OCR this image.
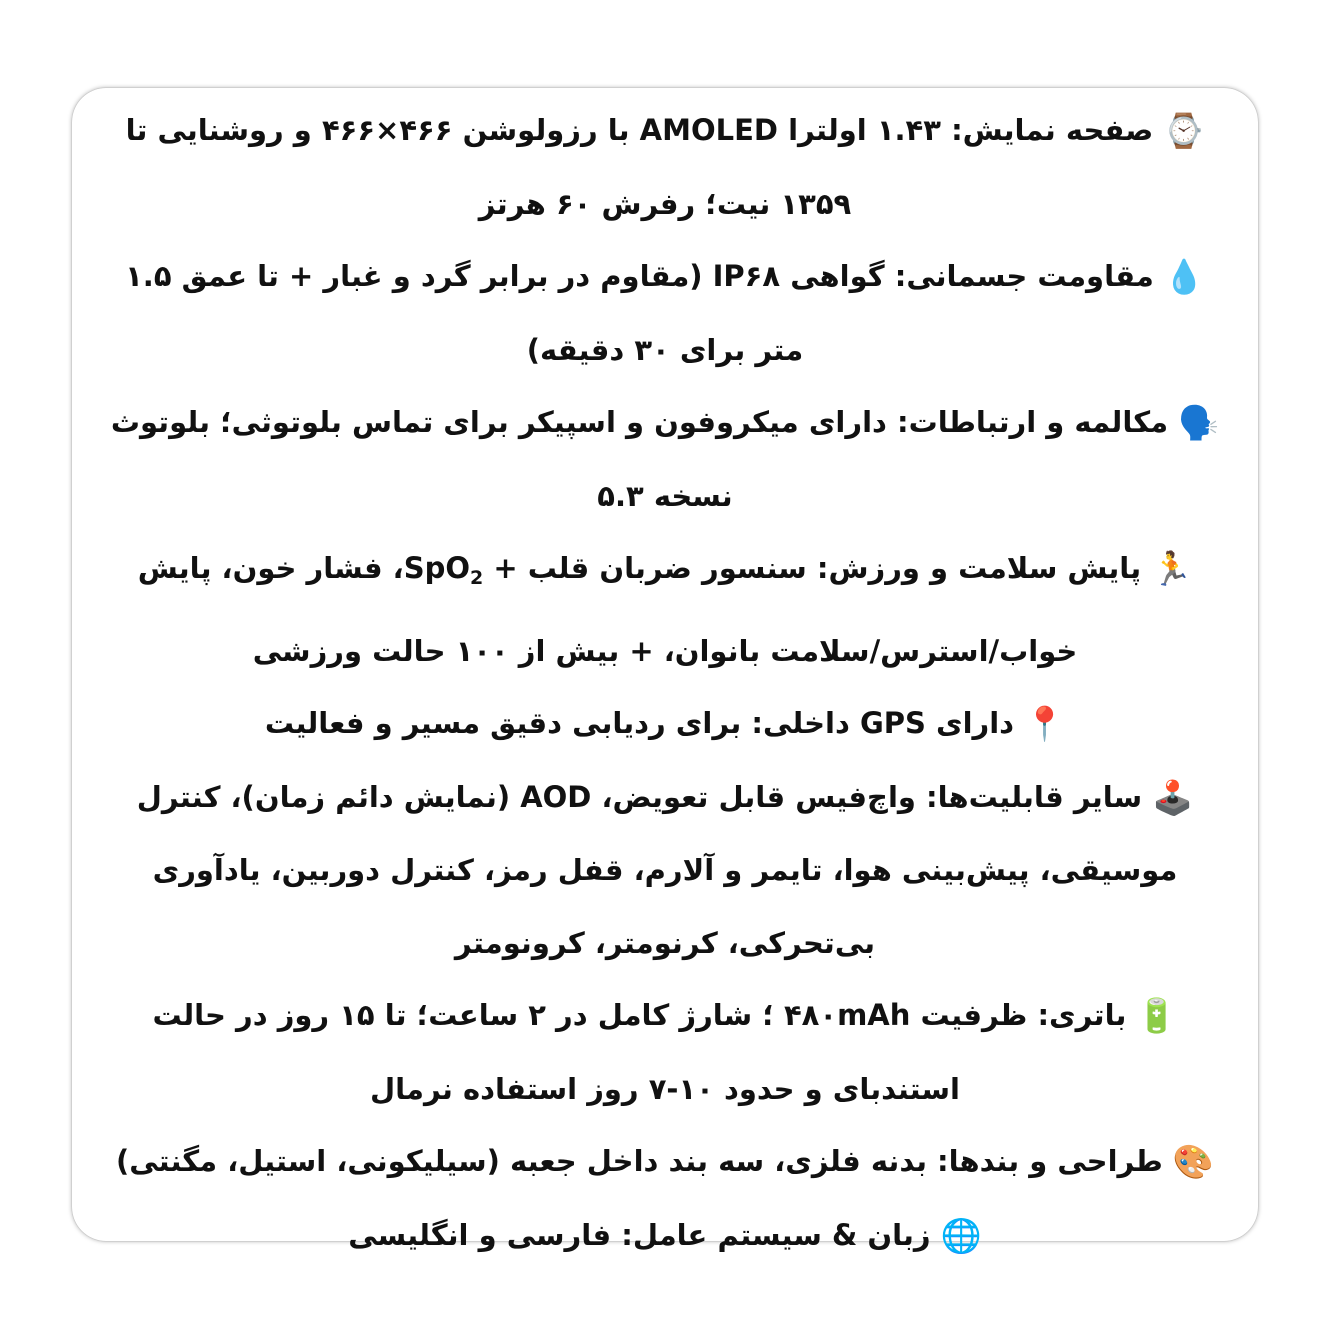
⌚صفحه نمایش: ۱.۴۳ اولترا AMOLED با رزولوشن ۴۶۶×۴۶۶ و روشنایی تا ۱۳۵۹ نیت؛ رفرش ۶۰ هرتز

💧مقاومت جسمانی: گواهی IP۶۸ (مقاوم در برابر گرد و غبار + تا عمق ۱.۵ متر برای ۳۰ دقیقه)

🗣️مکالمه و ارتباطات: دارای میکروفون و اسپیکر برای تماس بلوتوثی؛ بلوتوث نسخه ۵.۳

🏃پایش سلامت و ورزش: سنسور ضربان قلب + SpO$_2$، فشار خون، پایش خواب/استرس/سلامت بانوان، + بیش از ۱۰۰ حالت ورزشی

📍دارای GPS داخلی: برای ردیابی دقیق مسیر و فعالیت

🕹️سایر قابلیت‌ها: واچ‌فیس قابل تعویض، AOD (نمایش دائم زمان)، کنترل موسیقی، پیش‌بینی هوا، تایمر و آلارم، قفل رمز، کنترل دوربین، یادآوری بی‌تحرکی، کرنومتر، کرونومتر

🔋باتری: ظرفیت ۴۸۰mAh ؛ شارژ کامل در ۲ ساعت؛ تا ۱۵ روز در حالت استندبای و حدود ۱۰-۷ روز استفاده نرمال

🎨طراحی و بندها: بدنه فلزی، سه بند داخل جعبه (سیلیکونی، استیل، مگنتی)

🌐زبان & سیستم عامل: فارسی و انگلیسی
